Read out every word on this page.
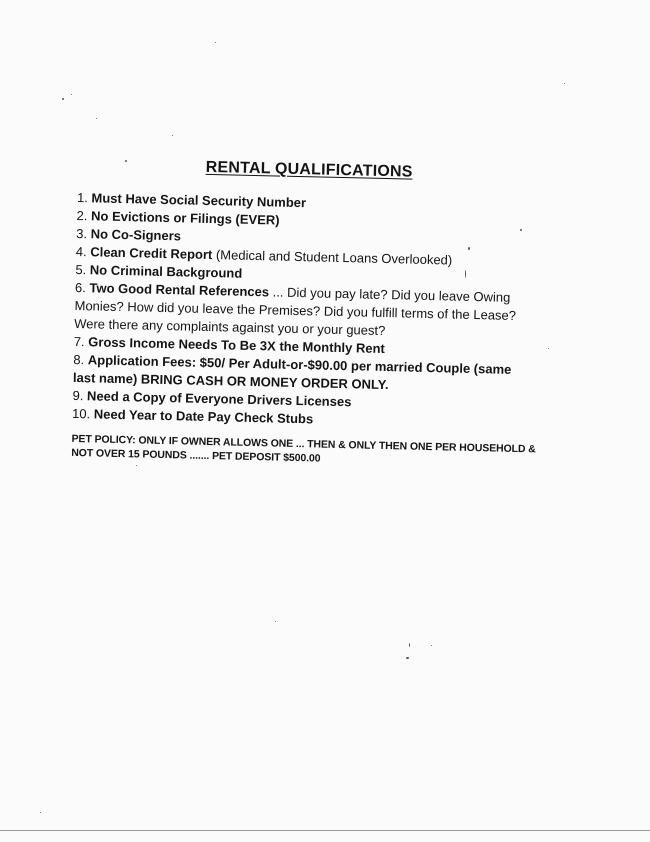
RENTAL QUALIFICATIONS
1. Must Have Social Security Number
2. No Evictions or Filings (EVER)
3. No Co-Signers
4. Clean Credit Report (Medical and Student Loans Overlooked)
5. No Criminal Background
6. Two Good Rental References ... Did you pay late? Did you leave Owing Monies? How did you leave the Premises? Did you fulfill terms of the Lease? Were there any complaints against you or your guest?
7. Gross Income Needs To Be 3X the Monthly Rent
8. Application Fees: $50/ Per Adult-or-$90.00 per married Couple (same last name) BRING CASH OR MONEY ORDER ONLY.
9. Need a Copy of Everyone Drivers Licenses
10. Need Year to Date Pay Check Stubs
PET POLICY: ONLY IF OWNER ALLOWS ONE ... THEN & ONLY THEN ONE PER HOUSEHOLD & NOT OVER 15 POUNDS ....... PET DEPOSIT $500.00
